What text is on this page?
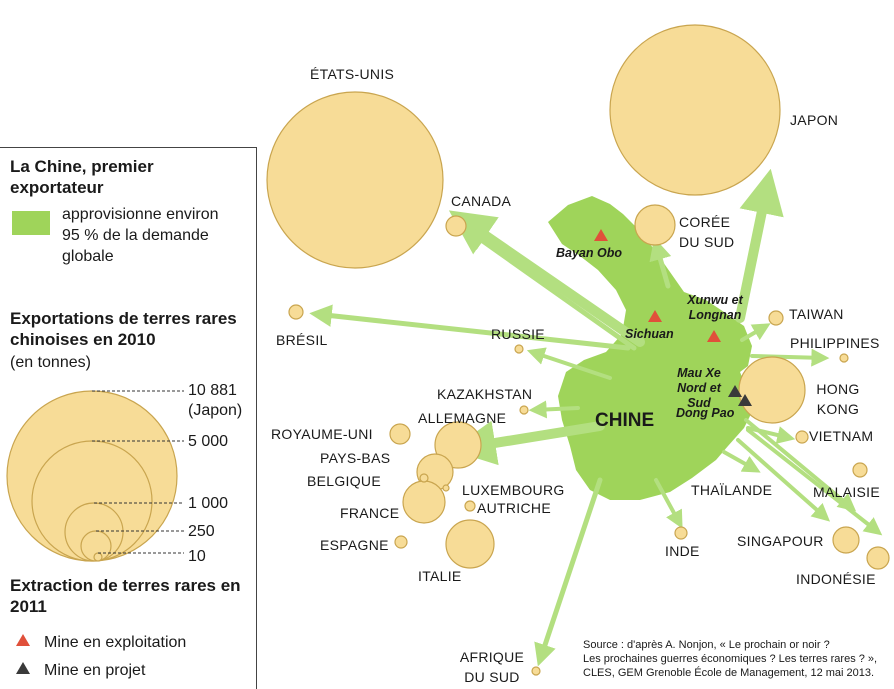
CHINE
ÉTATS-UNIS
JAPON
CANADA
CORÉE DU SUD
BRÉSIL	RUSSIE
TAIWAN
PHILIPPINES
HONG KONG
KAZAKHSTAN
ALLEMAGNE
ROYAUME-UNI	VIETNAM
PAYS-BAS
BELGIQUE
LUXEMBOURG	THAÏLANDE	MALAISIE
AUTRICHE
FRANCE
ESPAGNE	INDE
SINGAPOUR
ITALIE	INDONÉSIE
AFRIQUE DU SUD
Bayan Obo
Sichuan
Xunwu et Longnan
Mau Xe Nord et Sud
Dong Pao
La Chine, premier exportateur
approvisionne environ 95 % de la demande globale
Exportations de terres rares chinoises en 2010
(en tonnes)
10 881
(Japon)
5 000
1 000
250
10
Extraction de terres rares en 2011
Mine en exploitation
Mine en projet
Source : d'après A. Nonjon, « Le prochain or noir ?
Les prochaines guerres économiques ? Les terres rares ? »,
CLES, GEM Grenoble École de Management, 12 mai 2013.
